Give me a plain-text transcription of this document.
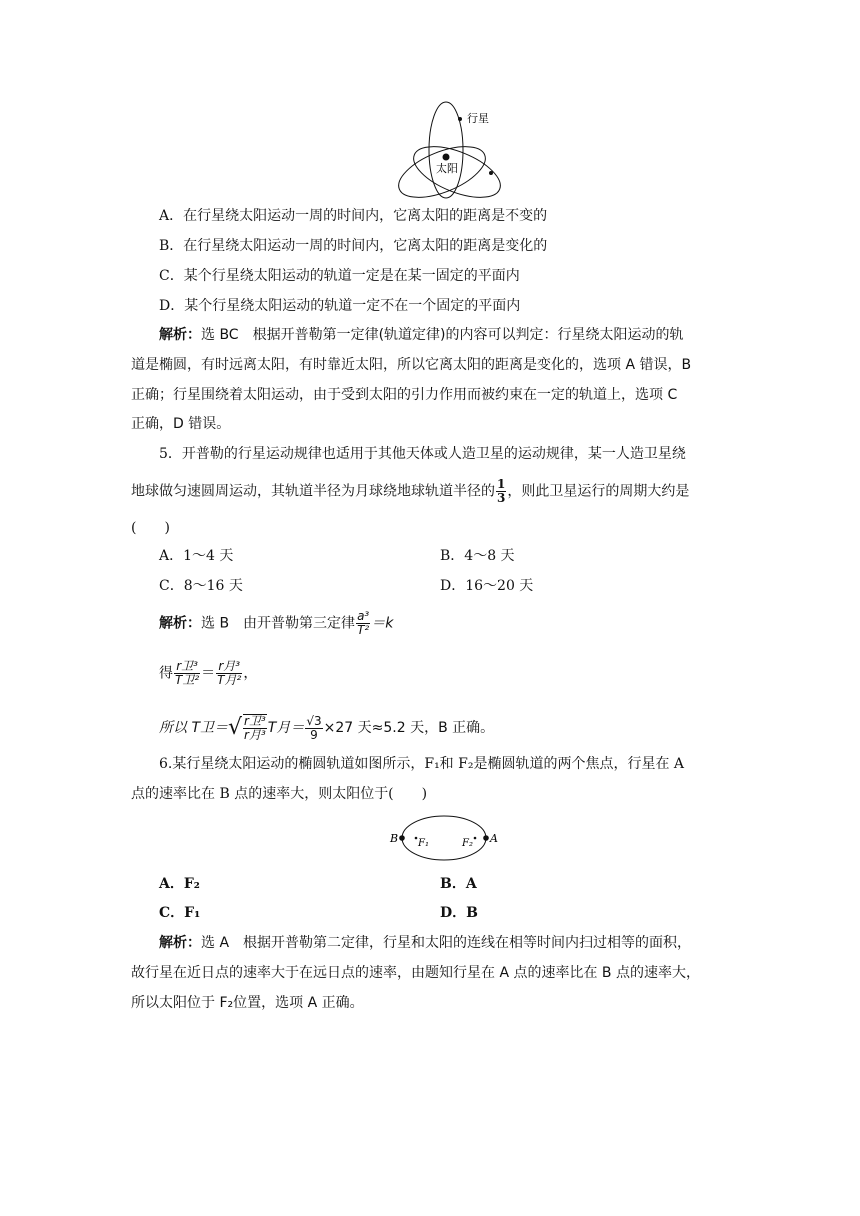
行星
太阳
A．在行星绕太阳运动一周的时间内，它离太阳的距离是不变的
B．在行星绕太阳运动一周的时间内，它离太阳的距离是变化的
C．某个行星绕太阳运动的轨道一定是在某一固定的平面内
D．某个行星绕太阳运动的轨道一定不在一个固定的平面内
解析：选 BC　根据开普勒第一定律(轨道定律)的内容可以判定：行星绕太阳运动的轨
道是椭圆，有时远离太阳，有时靠近太阳，所以它离太阳的距离是变化的，选项 A 错误，B
正确；行星围绕着太阳运动，由于受到太阳的引力作用而被约束在一定的轨道上，选项 C
正确，D 错误。
5．开普勒的行星运动规律也适用于其他天体或人造卫星的运动规律，某一人造卫星绕
地球做匀速圆周运动，其轨道半径为月球绕地球轨道半径的 $\frac{1}{3}$ ，则此卫星运行的周期大约是
(　　)
A．1～4 天	B．4～8 天
C．8～16 天	D．16～20 天
解析：选 B　由开普勒第三定律 $\frac{\text{a³}}{\text{T²}} =k$
得 $\frac{\text{r卫³}}{\text{T卫²}} = \frac{\text{r月³}}{\text{T月²}}$ ，
所以 T卫＝√ $\frac{\text{r卫³}}{\text{r月³}}$ T月＝ $\frac{√3}{9} \times 27$ 天≈5.2 天，B 正确。
6.某行星绕太阳运动的椭圆轨道如图所示，F₁和 F₂是椭圆轨道的两个焦点，行星在 A
点的速率比在 B 点的速率大，则太阳位于(　　)
B F₁	F₂ A
A．F₂	B．A
C．F₁	D．B
解析：选 A　根据开普勒第二定律，行星和太阳的连线在相等时间内扫过相等的面积，
故行星在近日点的速率大于在远日点的速率，由题知行星在 A 点的速率比在 B 点的速率大，
所以太阳位于 F₂位置，选项 A 正确。
